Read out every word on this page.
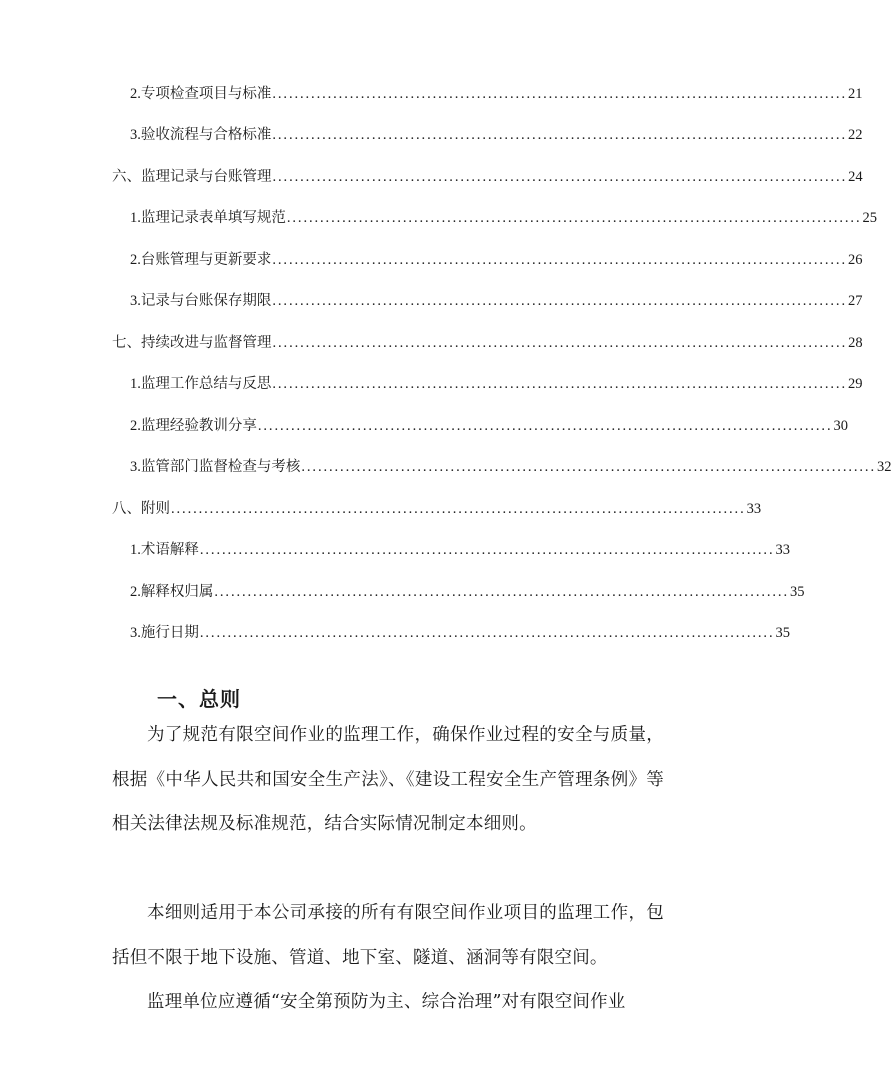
2. 专项检查项目与标准 ........................................................................................................ 21
3. 验收流程与合格标准 ........................................................................................................ 22
六、监理记录与台账管理 ........................................................................................................ 24
1. 监理记录表单填写规范 ........................................................................................................ 25
2. 台账管理与更新要求 ........................................................................................................ 26
3. 记录与台账保存期限 ........................................................................................................ 27
七、持续改进与监督管理 ........................................................................................................ 28
1. 监理工作总结与反思 ........................................................................................................ 29
2. 监理经验教训分享 ........................................................................................................ 30
3. 监管部门监督检查与考核 ........................................................................................................ 32
八、附则 ........................................................................................................ 33
1. 术语解释 ........................................................................................................ 33
2. 解释权归属 ........................................................................................................ 35
3. 施行日期 ........................................................................................................ 35
一、总则

为了规范有限空间作业的监理工作，确保作业过程的安全与质量，根据《中华人民共和国安全生产法》、《建设工程安全生产管理条例》等相关法律法规及标准规范，结合实际情况制定本细则。

本细则适用于本公司承接的所有有限空间作业项目的监理工作，包括但不限于地下设施、管道、地下室、隧道、涵洞等有限空间。

监理单位应遵循“安全第预防为主、综合治理”对有限空间作业
